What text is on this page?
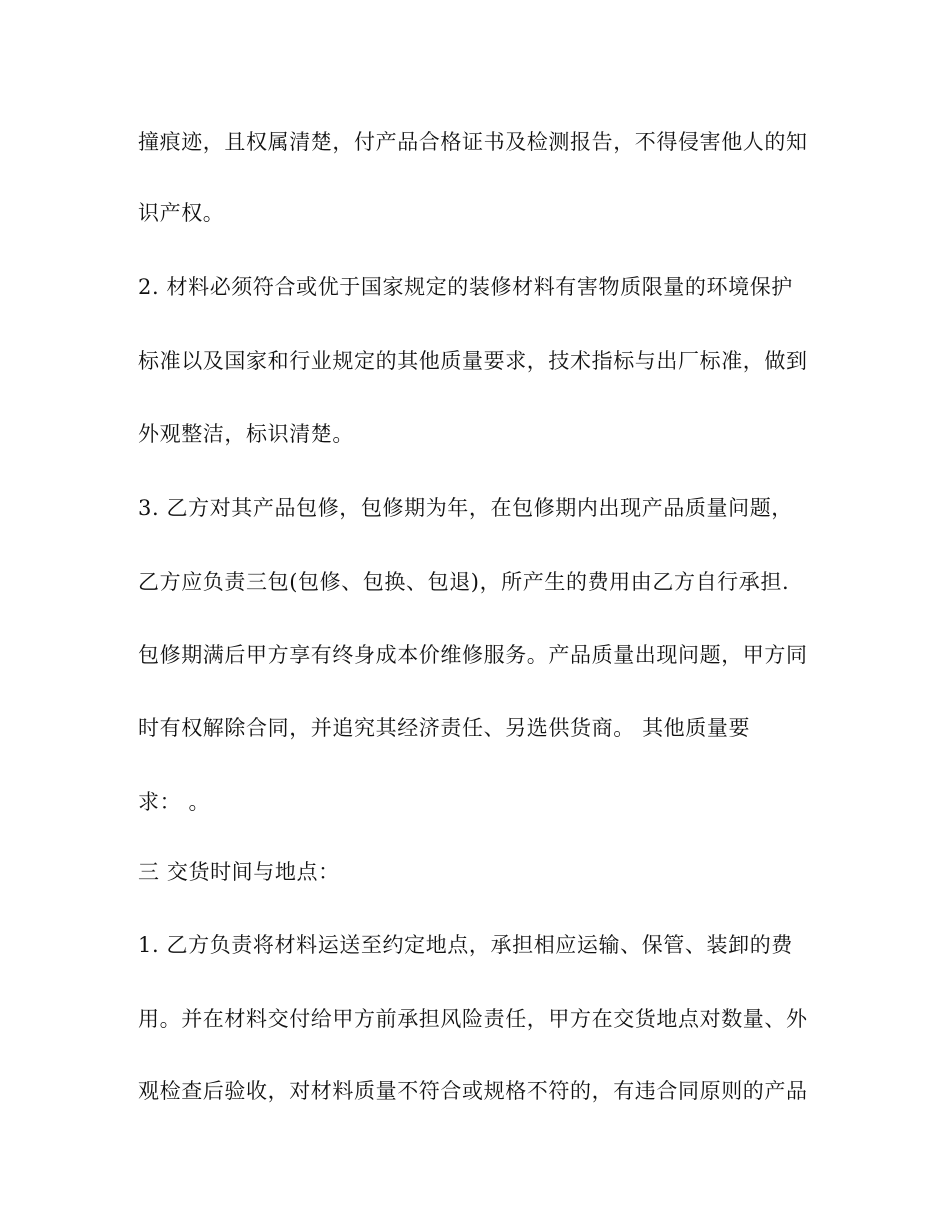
撞痕迹，且权属清楚，付产品合格证书及检测报告，不得侵害他人的知
识产权。
2. 材料必须符合或优于国家规定的装修材料有害物质限量的环境保护
标准以及国家和行业规定的其他质量要求，技术指标与出厂标准，做到
外观整洁，标识清楚。
3. 乙方对其产品包修，包修期为年，在包修期内出现产品质量问题，
乙方应负责三包(包修、包换、包退)，所产生的费用由乙方自行承担.
包修期满后甲方享有终身成本价维修服务。产品质量出现问题，甲方同
时有权解除合同，并追究其经济责任、另选供货商。 其他质量要
求： 。
三 交货时间与地点：
1. 乙方负责将材料运送至约定地点，承担相应运输、保管、装卸的费
用。并在材料交付给甲方前承担风险责任，甲方在交货地点对数量、外
观检查后验收，对材料质量不符合或规格不符的，有违合同原则的产品
